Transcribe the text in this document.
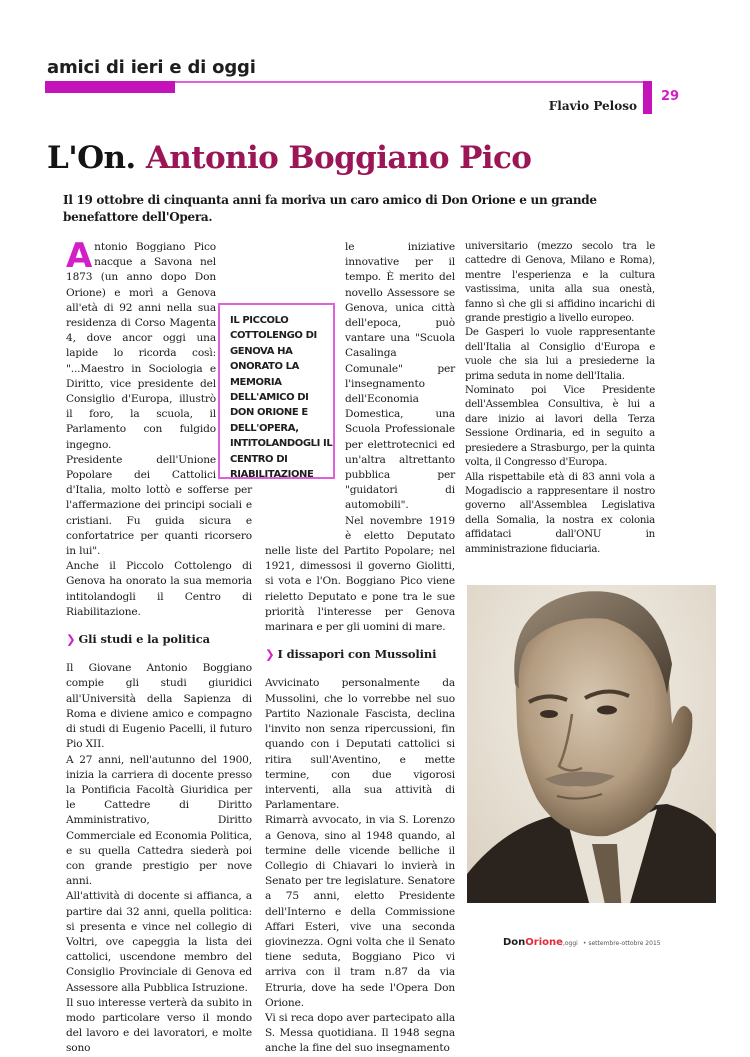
amici di ieri e di oggi
29
Flavio Peloso
L'On. Antonio Boggiano Pico
Il 19 ottobre di cinquanta anni fa moriva un caro amico di Don Orione e un grande benefattore dell'Opera.

Antonio Boggiano Pico nacque a Savona nel 1873 (un anno dopo Don Orione) e morì a Genova all'età di 92 anni nella sua residenza di Corso Magenta 4, dove ancor oggi una lapide lo ricorda così: "...Maestro in Sociologia e Diritto, vice presidente del Consiglio d'Europa, illustrò il foro, la scuola, il Parlamento con fulgido ingegno.

Presidente dell'Unione Popolare dei Cattolici d'Italia, molto lottò e sofferse per l'affermazione dei principi sociali e cristiani. Fu guida sicura e confortatrice per quanti ricorsero in lui".

Anche il Piccolo Cottolengo di Genova ha onorato la sua memoria intitolandogli il Centro di Riabilitazione.

❯ Gli studi e la politica

Il Giovane Antonio Boggiano compie gli studi giuridici all'Università della Sapienza di Roma e diviene amico e compagno di studi di Eugenio Pacelli, il futuro Pio XII.

A 27 anni, nell'autunno del 1900, inizia la carriera di docente presso la Pontificia Facoltà Giuridica per le Cattedre di Diritto Amministrativo, Diritto Commerciale ed Economia Politica, e su quella Cattedra siederà poi con grande prestigio per nove anni.

All'attività di docente si affianca, a partire dai 32 anni, quella politica: si presenta e vince nel collegio di Voltri, ove capeggia la lista dei cattolici, uscendone membro del Consiglio Provinciale di Genova ed Assessore alla Pubblica Istruzione.

Il suo interesse verterà da subito in modo particolare verso il mondo del lavoro e dei lavoratori, e molte sono

IL PICCOLO COTTOLENGO DI GENOVA HA ONORATO LA MEMORIA DELL'AMICO DI DON ORIONE E DELL'OPERA, INTITOLANDOGLI IL CENTRO DI RIABILITAZIONE

le iniziative innovative per il tempo. È merito del novello Assessore se Genova, unica città dell'epoca, può vantare una "Scuola Casalinga Comunale" per l'insegnamento dell'Economia Domestica, una Scuola Professionale per elettrotecnici ed un'altra altrettanto pubblica per "guidatori di automobili".

Nel novembre 1919 è eletto Deputato nelle liste del Partito Popolare; nel 1921, dimessosi il governo Giolitti, si vota e l'On. Boggiano Pico viene rieletto Deputato e pone tra le sue priorità l'interesse per Genova marinara e per gli uomini di mare.

❯ I dissapori con Mussolini

Avvicinato personalmente da Mussolini, che lo vorrebbe nel suo Partito Nazionale Fascista, declina l'invito non senza ripercussioni, fin quando con i Deputati cattolici si ritira sull'Aventino, e mette termine, con due vigorosi interventi, alla sua attività di Parlamentare.

Rimarrà avvocato, in via S. Lorenzo a Genova, sino al 1948 quando, al termine delle vicende belliche il Collegio di Chiavari lo invierà in Senato per tre legislature. Senatore a 75 anni, eletto Presidente dell'Interno e della Commissione Affari Esteri, vive una seconda giovinezza. Ogni volta che il Senato tiene seduta, Boggiano Pico vi arriva con il tram n.87 da via Etruria, dove ha sede l'Opera Don Orione.

Vi si reca dopo aver partecipato alla S. Messa quotidiana. Il 1948 segna anche la fine del suo insegnamento

universitario (mezzo secolo tra le cattedre di Genova, Milano e Roma), mentre l'esperienza e la cultura vastissima, unita alla sua onestà, fanno sì che gli si affidino incarichi di grande prestigio a livello europeo.

De Gasperi lo vuole rappresentante dell'Italia al Consiglio d'Europa e vuole che sia lui a presiederne la prima seduta in nome dell'Italia.

Nominato poi Vice Presidente dell'Assemblea Consultiva, è lui a dare inizio ai lavori della Terza Sessione Ordinaria, ed in seguito a presiedere a Strasburgo, per la quinta volta, il Congresso d'Europa.

Alla rispettabile età di 83 anni vola a Mogadiscio a rappresentare il nostro governo all'Assemblea Legislativa della Somalia, la nostra ex colonia affidataci dall'ONU in amministrazione fiduciaria.

DonOrione,oggi • settembre-ottobre 2015
